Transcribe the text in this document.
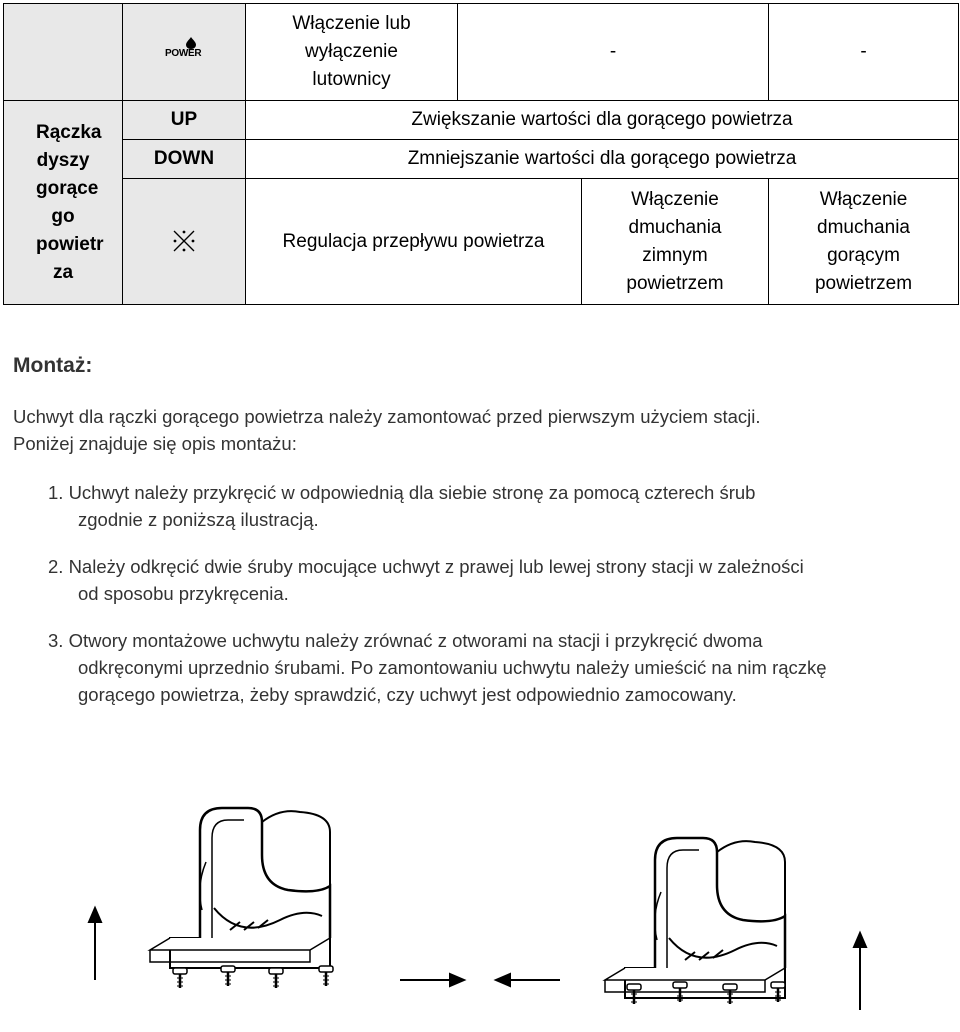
	POWER	Włączenie lub wyłączenie lutownicy	-		-
Rączka dyszy gorące go powietr za	UP	Zwiększanie wartości dla gorącego powietrza			
	DOWN	Zmniejszanie wartości dla gorącego powietrza			
	Regulacja przepływu powietrza		Włączenie dmuchania zimnym powietrzem	Włączenie dmuchania gorącym powietrzem
Montaż:

Uchwyt dla rączki gorącego powietrza należy zamontować przed pierwszym użyciem stacji.

Poniżej znajduje się opis montażu:

1. Uchwyt należy przykręcić w odpowiednią dla siebie stronę za pomocą czterech śrub

zgodnie z poniższą ilustracją.

2. Należy odkręcić dwie śruby mocujące uchwyt z prawej lub lewej strony stacji w zależności

od sposobu przykręcenia.

3. Otwory montażowe uchwytu należy zrównać z otworami na stacji i przykręcić dwoma

odkręconymi uprzednio śrubami. Po zamontowaniu uchwytu należy umieścić na nim rączkę

gorącego powietrza, żeby sprawdzić, czy uchwyt jest odpowiednio zamocowany.
